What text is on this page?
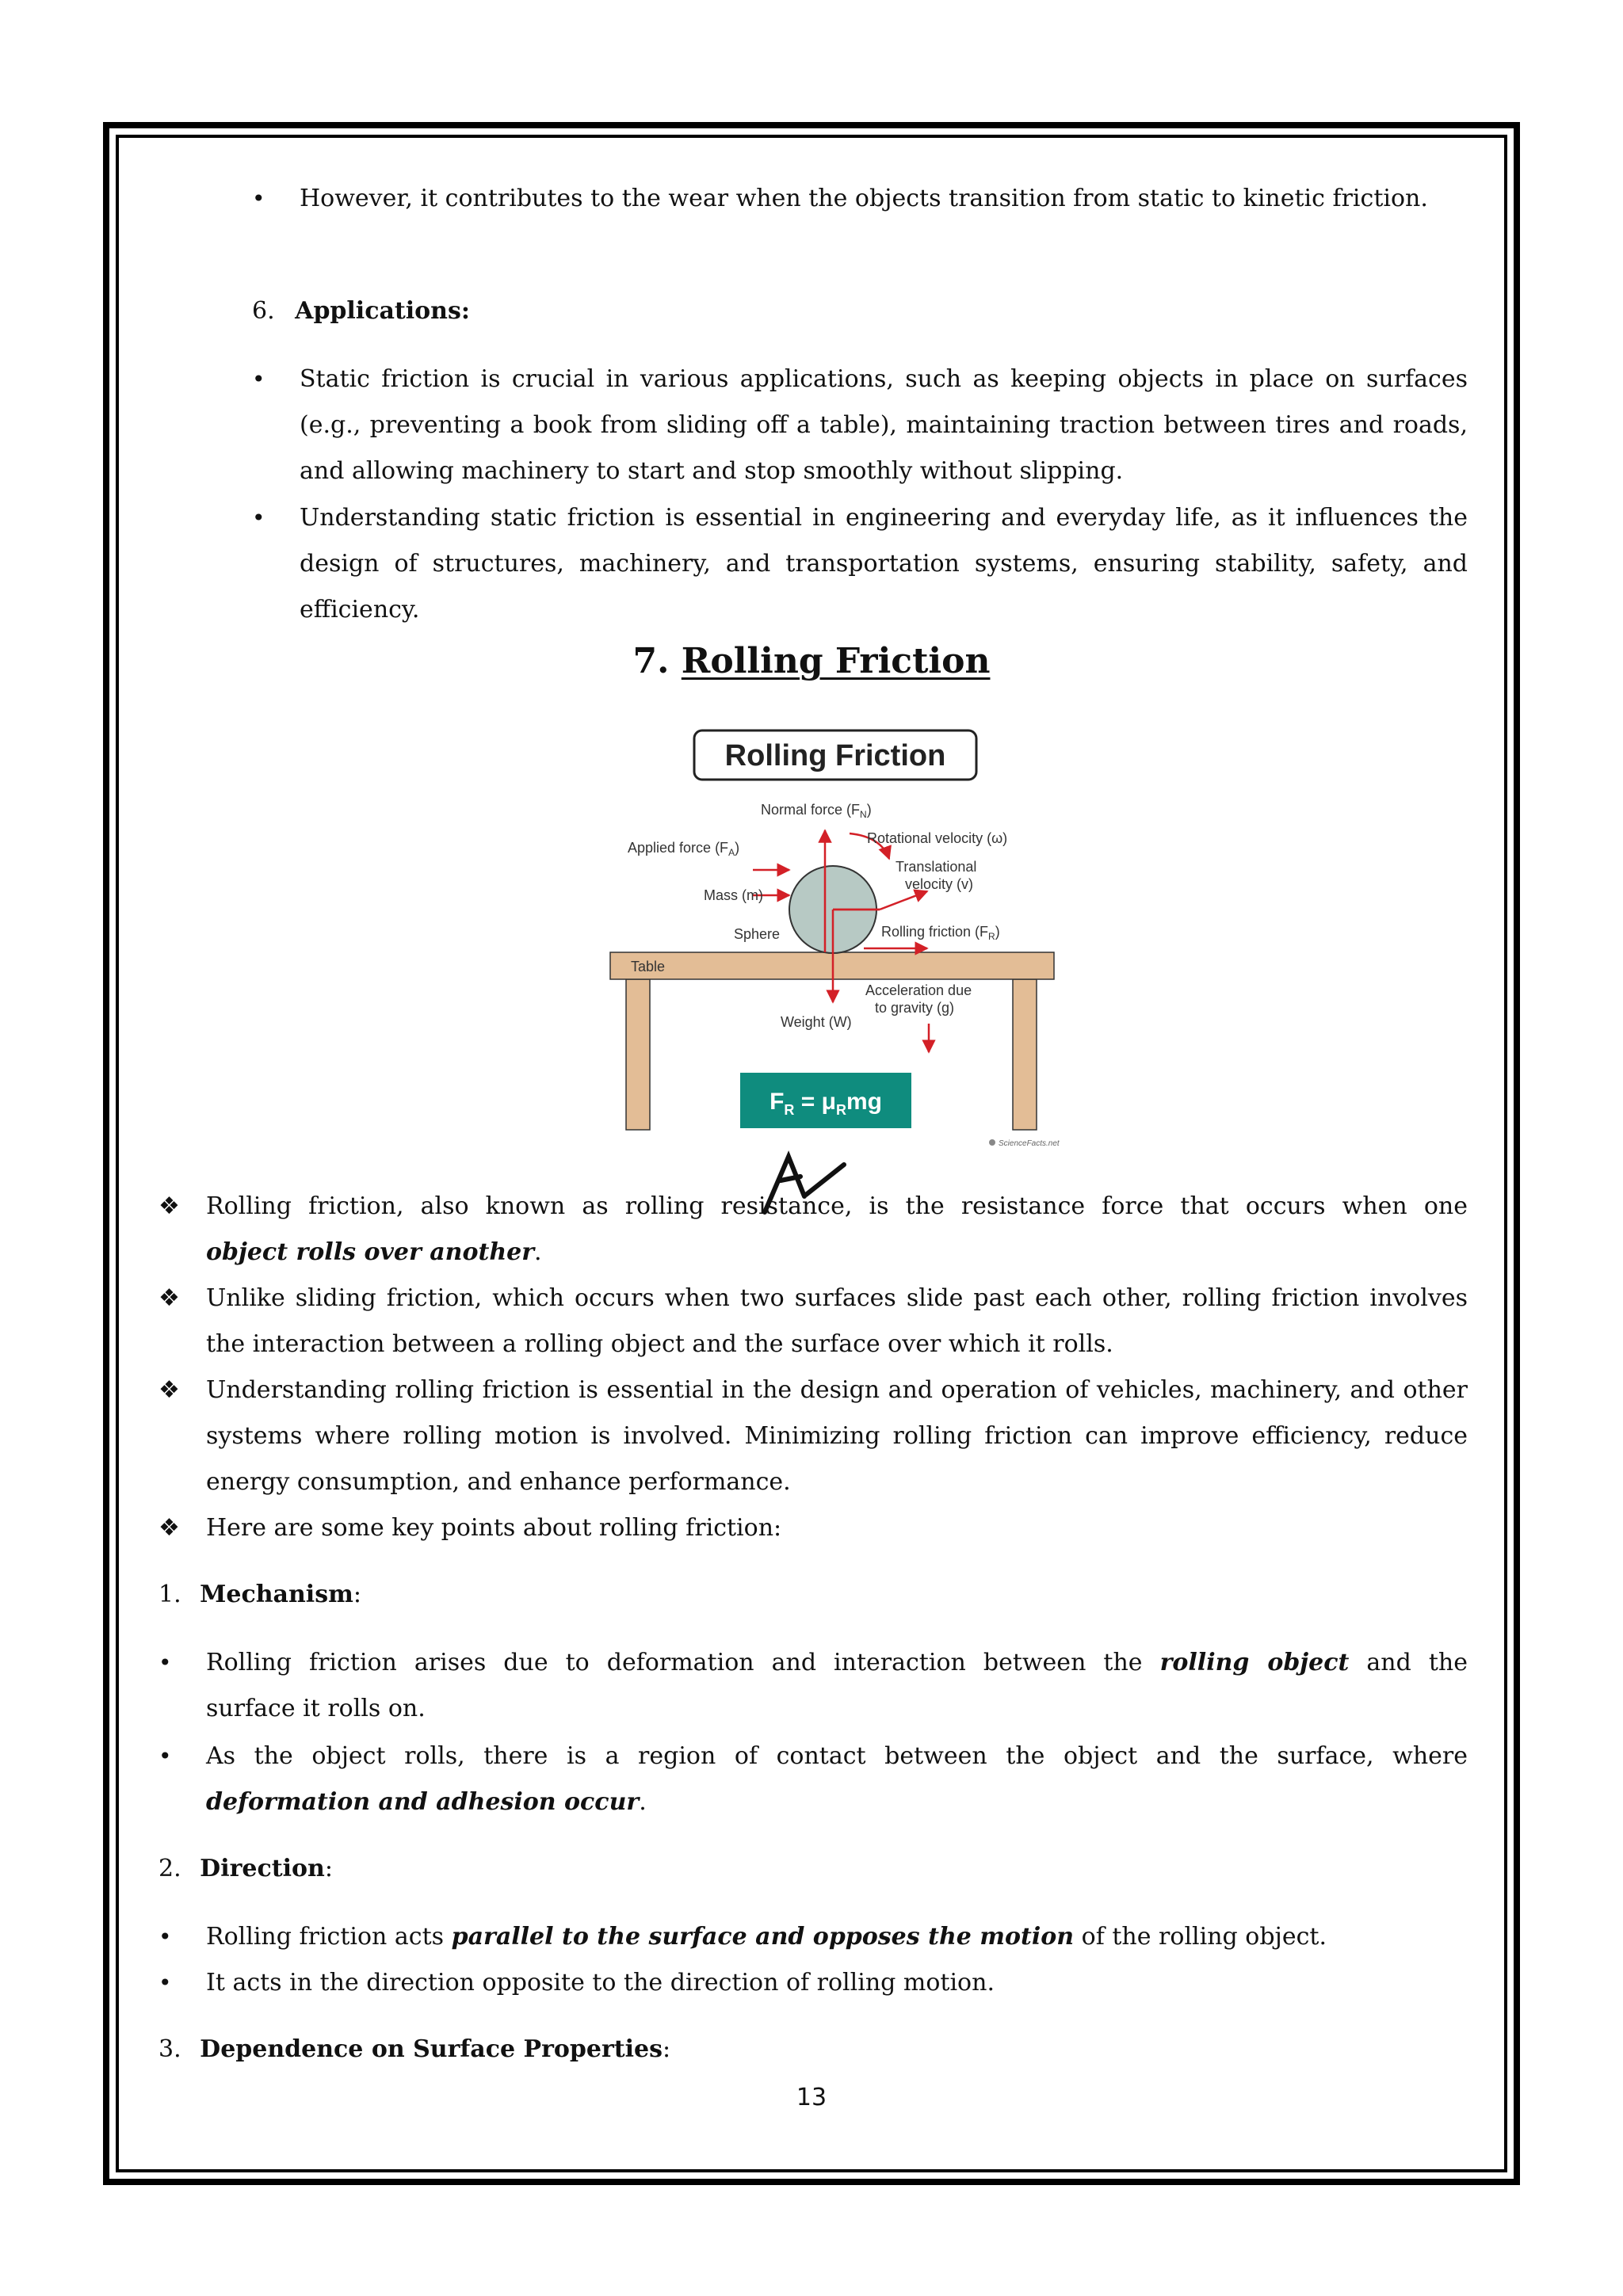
•
However, it contributes to the wear when the objects transition from static to kinetic friction.
6. Applications:
•
Static friction is crucial in various applications, such as keeping objects in place on surfaces (e.g., preventing a book from sliding off a table), maintaining traction between tires and roads, and allowing machinery to start and stop smoothly without slipping.
•
Understanding static friction is essential in engineering and everyday life, as it influences the design of structures, machinery, and transportation systems, ensuring stability, safety, and efficiency.
7. Rolling Friction
Rolling Friction
Table
Normal force $(F_N)$
Weight (W)
Rolling friction $(F_R)$
Translational
velocity (v)
Rotational velocity (ω)
Applied force $(F_A)$
Mass (m)
Sphere
Acceleration due
to gravity (g)
$F_R = \mu_Rmg$
ScienceFacts.net
❖ Rolling friction, also known as rolling resistance, is the resistance force that occurs when one
object rolls over another.
❖ Unlike sliding friction, which occurs when two surfaces slide past each other, rolling friction involves the interaction between a rolling object and the surface over which it rolls.
❖ Understanding rolling friction is essential in the design and operation of vehicles, machinery, and other systems where rolling motion is involved. Minimizing rolling friction can improve efficiency, reduce energy consumption, and enhance performance.
❖ Here are some key points about rolling friction:
1. Mechanism:
•
Rolling friction arises due to deformation and interaction between the rolling object and the
surface it rolls on.
•
As the object rolls, there is a region of contact between the object and the surface, where
deformation and adhesion occur.
2. Direction:
•
Rolling friction acts parallel to the surface and opposes the motion of the rolling object.
•
It acts in the direction opposite to the direction of rolling motion.
3. Dependence on Surface Properties:
13
